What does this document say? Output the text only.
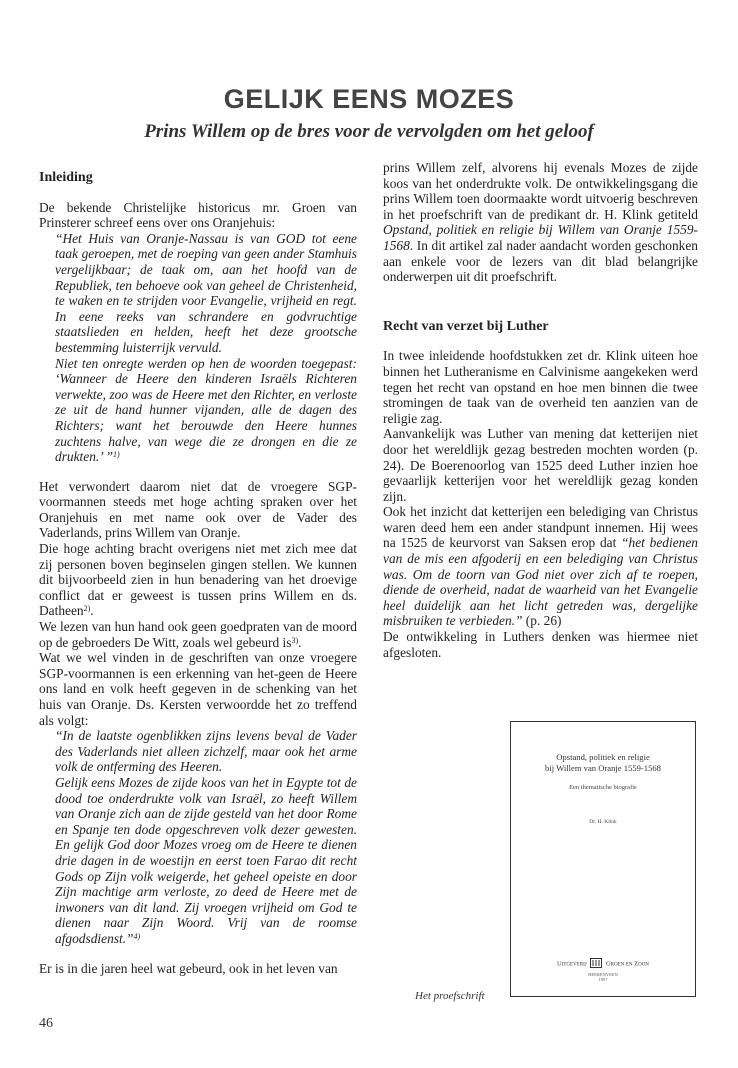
GELIJK EENS MOZES
Prins Willem op de bres voor de vervolgden om het geloof

Inleiding

De bekende Christelijke historicus mr. Groen van Prinsterer schreef eens over ons Oranjehuis:

“Het Huis van Oranje-Nassau is van GOD tot eene taak geroepen, met de roeping van geen ander Stamhuis vergelijkbaar; de taak om, aan het hoofd van de Republiek, ten behoeve ook van geheel de Christenheid, te waken en te strijden voor Evangelie, vrijheid en regt. In eene reeks van schrandere en godvruchtige staatslieden en helden, heeft het deze grootsche bestemming luisterrijk vervuld.

Niet ten onregte werden op hen de woorden toegepast: ‘Wanneer de Heere den kinderen Israëls Richteren verwekte, zoo was de Heere met den Richter, en verloste ze uit de hand hunner vijanden, alle de dagen des Richters; want het berouwde den Heere hunnes zuchtens halve, van wege die ze drongen en die ze drukten.’ ”$^{1)}$

Het verwondert daarom niet dat de vroegere SGP-voormannen steeds met hoge achting spraken over het Oranjehuis en met name ook over de Vader des Vaderlands, prins Willem van Oranje.

Die hoge achting bracht overigens niet met zich mee dat zij personen boven beginselen gingen stellen. We kunnen dit bijvoorbeeld zien in hun benadering van het droevige conflict dat er geweest is tussen prins Willem en ds. Datheen$^{2)}$.

We lezen van hun hand ook geen goedpraten van de moord op de gebroeders De Witt, zoals wel gebeurd $is^{3)}$.

Wat we wel vinden in de geschriften van onze vroegere SGP-voormannen is een erkenning van het-geen de Heere ons land en volk heeft gegeven in de schenking van het huis van Oranje. Ds. Kersten verwoordde het zo treffend als volgt:

“In de laatste ogenblikken zijns levens beval de Vader des Vaderlands niet alleen zichzelf, maar ook het arme volk de ontferming des Heeren.

Gelijk eens Mozes de zijde koos van het in Egypte tot de dood toe onderdrukte volk van Israël, zo heeft Willem van Oranje zich aan de zijde gesteld van het door Rome en Spanje ten dode opgeschreven volk dezer gewesten. En gelijk God door Mozes vroeg om de Heere te dienen drie dagen in de woestijn en eerst toen Farao dit recht Gods op Zijn volk weigerde, het geheel opeiste en door Zijn machtige arm verloste, zo deed de Heere met de inwoners van dit land. Zij vroegen vrijheid om God te dienen naar Zijn Woord. Vrij van de roomse afgodsdienst.”$^{4)}$

Er is in die jaren heel wat gebeurd, ook in het leven van

prins Willem zelf, alvorens hij evenals Mozes de zijde koos van het onderdrukte volk. De ontwikkelingsgang die prins Willem toen doormaakte wordt uitvoerig beschreven in het proefschrift van de predikant dr. H. Klink getiteld Opstand, politiek en religie bij Willem van Oranje 1559-1568. In dit artikel zal nader aandacht worden geschonken aan enkele voor de lezers van dit blad belangrijke onderwerpen uit dit proefschrift.

Recht van verzet bij Luther

In twee inleidende hoofdstukken zet dr. Klink uiteen hoe binnen het Lutheranisme en Calvinisme aangekeken werd tegen het recht van opstand en hoe men binnen die twee stromingen de taak van de overheid ten aanzien van de religie zag.

Aanvankelijk was Luther van mening dat ketterijen niet door het wereldlijk gezag bestreden mochten worden (p. 24). De Boerenoorlog van 1525 deed Luther inzien hoe gevaarlijk ketterijen voor het wereldlijk gezag konden zijn.

Ook het inzicht dat ketterijen een belediging van Christus waren deed hem een ander standpunt innemen. Hij wees na 1525 de keurvorst van Saksen erop dat “het bedienen van de mis een afgoderij en een belediging van Christus was. Om de toorn van God niet over zich af te roepen, diende de overheid, nadat de waarheid van het Evangelie heel duidelijk aan het licht getreden was, dergelijke misbruiken te verbieden.” (p. 26)

De ontwikkeling in Luthers denken was hiermee niet afgesloten.

Opstand, politiek en religie
bij Willem van Oranje 1559-1568
Een thematische biografie
Dr. H. Klink
Uitgeverij	Groen en Zoon
HEERENVEEN
1997
Het proefschrift
46
